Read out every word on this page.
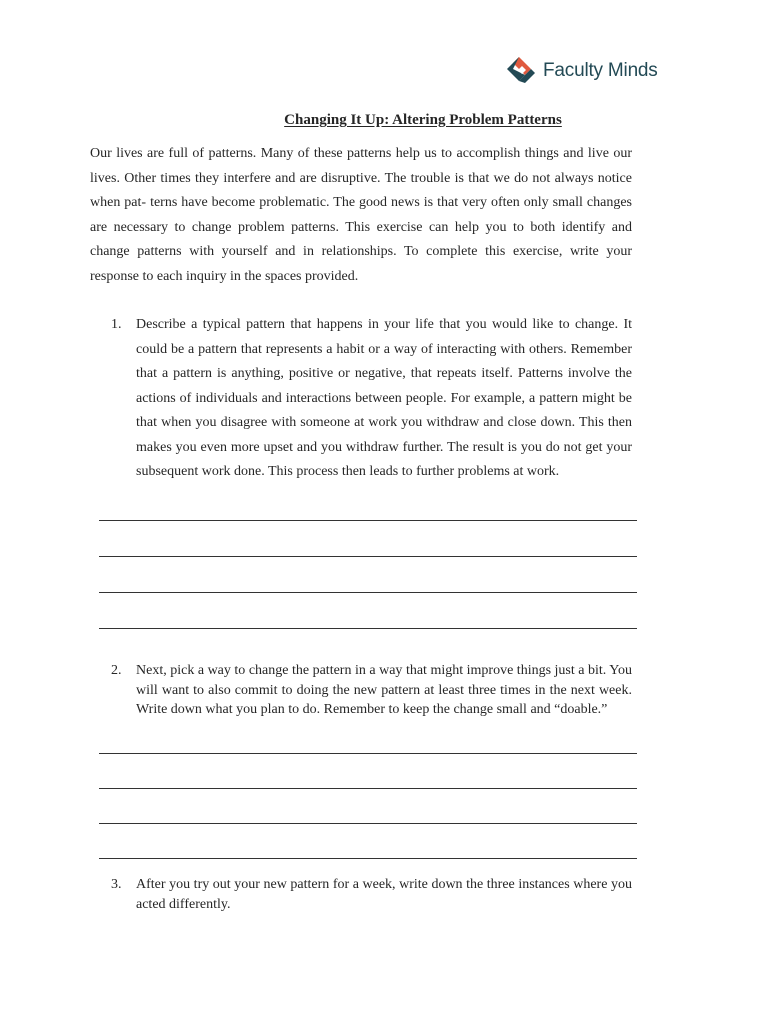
Faculty Minds
Changing It Up: Altering Problem Patterns

Our lives are full of patterns. Many of these patterns help us to accomplish things and live our lives. Other times they interfere and are disruptive. The trouble is that we do not always notice when pat- terns have become problematic. The good news is that very often only small changes are necessary to change problem patterns. This exercise can help you to both identify and change patterns with yourself and in relationships. To complete this exercise, write your response to each inquiry in the spaces provided.

1.	Describe a typical pattern that happens in your life that you would like to change. It could be a pattern that represents a habit or a way of interacting with others. Remember that a pattern is anything, positive or negative, that repeats itself. Patterns involve the actions of individuals and interactions between people. For example, a pattern might be that when you disagree with someone at work you withdraw and close down. This then makes you even more upset and you withdraw further. The result is you do not get your subsequent work done. This process then leads to further problems at work.
2.	Next, pick a way to change the pattern in a way that might improve things just a bit. You will want to also commit to doing the new pattern at least three times in the next week. Write down what you plan to do. Remember to keep the change small and “doable.”
3.	After you try out your new pattern for a week, write down the three instances where you acted differently.
